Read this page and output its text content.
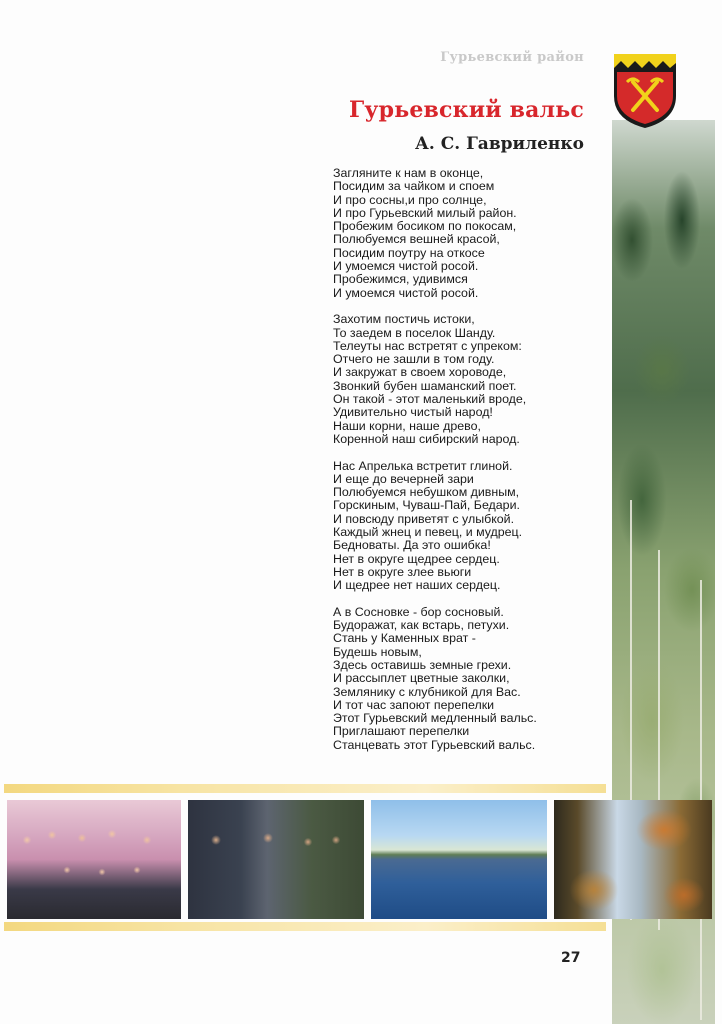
Гурьевский район
Гурьевский вальс
А. С. Гавриленко
Загляните к нам в оконце,
Посидим за чайком и споем
И про сосны,и про солнце,
И про Гурьевский милый район.
Пробежим босиком по покосам,
Полюбуемся вешней красой,
Посидим поутру на откосе
И умоемся чистой росой.
Пробежимся, удивимся
И умоемся чистой росой.
Захотим постичь истоки,
То заедем в поселок Шанду.
Телеуты нас встретят с упреком:
Отчего не зашли в том году.
И закружат в своем хороводе,
Звонкий бубен шаманский поет.
Он такой - этот маленький вроде,
Удивительно чистый народ!
Наши корни, наше древо,
Коренной наш сибирский народ.
Нас Апрелька встретит глиной.
И еще до вечерней зари
Полюбуемся небушком дивным,
Горскиным, Чуваш-Пай, Бедари.
И повсюду приветят с улыбкой.
Каждый жнец и певец, и мудрец.
Бедноваты. Да это ошибка!
Нет в округе щедрее сердец.
Нет в округе злее вьюги
И щедрее нет наших сердец.
А в Сосновке - бор сосновый.
Будоражат, как встарь, петухи.
Стань у Каменных врат -
Будешь новым,
Здесь оставишь земные грехи.
И рассыплет цветные заколки,
Землянику с клубникой для Вас.
И тот час запоют перепелки
Этот Гурьевский медленный вальс.
Приглашают перепелки
Станцевать этот Гурьевский вальс.
27
